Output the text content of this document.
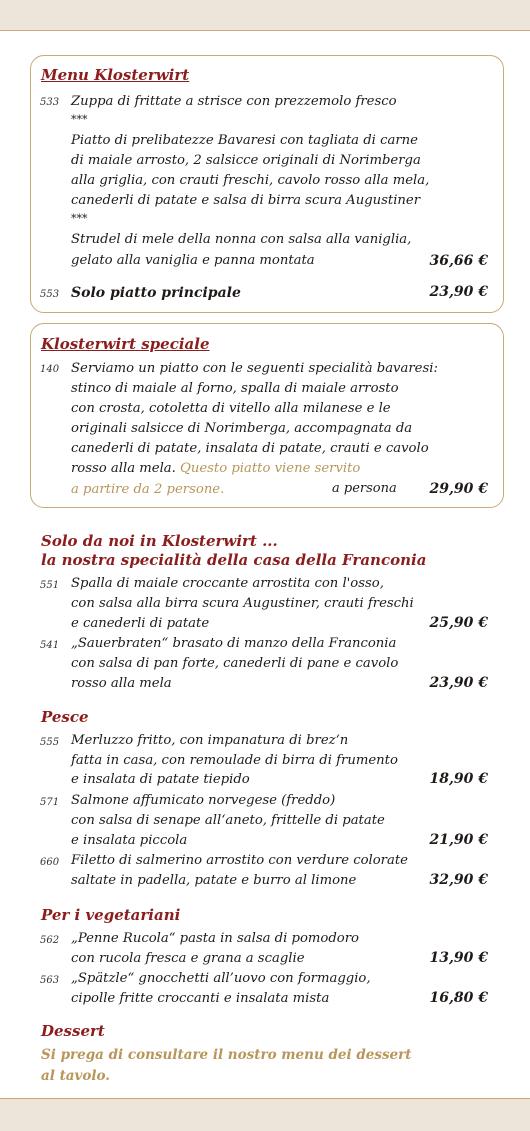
Menu Klosterwirt
533 Zuppa di frittate a strisce con prezzemolo fresco
***
Piatto di prelibatezze Bavaresi con tagliata di carne
di maiale arrosto, 2 salsicce originali di Norimberga
alla griglia, con crauti freschi, cavolo rosso alla mela,
canederli di patate e salsa di birra scura Augustiner
***
Strudel di mele della nonna con salsa alla vaniglia,
gelato alla vaniglia e panna montata	36,66 €
553 Solo piatto principale	23,90 €
Klosterwirt speciale
140 Serviamo un piatto con le seguenti specialità bavaresi:
stinco di maiale al forno, spalla di maiale arrosto
con crosta, cotoletta di vitello alla milanese e le
originali salsicce di Norimberga, accompagnata da
canederli di patate, insalata di patate, crauti e cavolo
rosso alla mela. Questo piatto viene servito
a partire da 2 persone.	a persona 29,90 €
Solo da noi in Klosterwirt ...
la nostra specialità della casa della Franconia
551 Spalla di maiale croccante arrostita con l'osso,
con salsa alla birra scura Augustiner, crauti freschi
e canederli di patate	25,90 €
541 „Sauerbraten“ brasato di manzo della Franconia
con salsa di pan forte, canederli di pane e cavolo
rosso alla mela	23,90 €
Pesce
555 Merluzzo fritto, con impanatura di brez‘n
fatta in casa, con remoulade di birra di frumento
e insalata di patate tiepido	18,90 €
571 Salmone affumicato norvegese (freddo)
con salsa di senape all‘aneto, frittelle di patate
e insalata piccola	21,90 €
660 Filetto di salmerino arrostito con verdure colorate
saltate in padella, patate e burro al limone	32,90 €
Per i vegetariani
562 „Penne Rucola“ pasta in salsa di pomodoro
con rucola fresca e grana a scaglie	13,90 €
563 „Spätzle“ gnocchetti all’uovo con formaggio,
cipolle fritte croccanti e insalata mista	16,80 €
Dessert
Si prega di consultare il nostro menu dei dessert
al tavolo.
